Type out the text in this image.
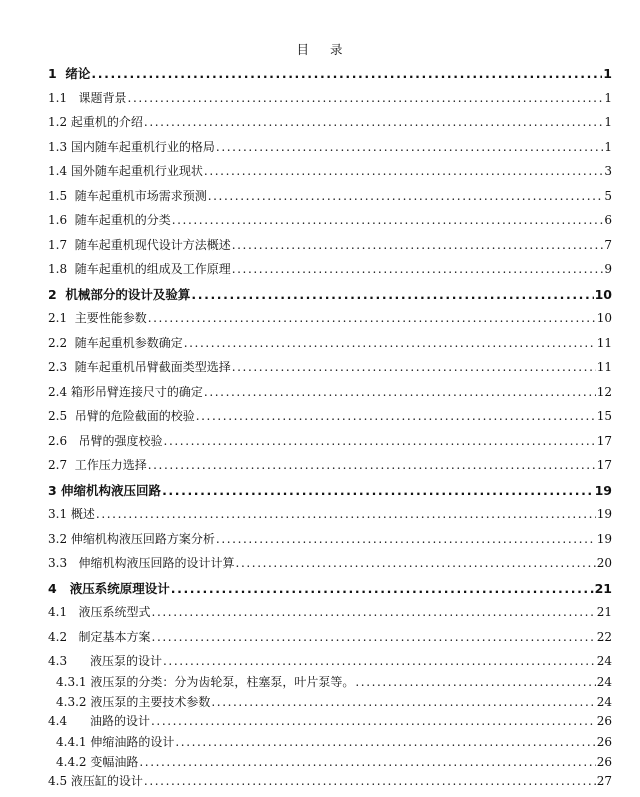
目    录
1  绪论 .....	1
1.1   课题背景 .....	1
1.2 起重机的介绍 .....	1
1.3 国内随车起重机行业的格局 .....	1
1.4 国外随车起重机行业现状 .....	3
1.5  随车起重机市场需求预测 .....	5
1.6  随车起重机的分类 .....	6
1.7  随车起重机现代设计方法概述 .....	7
1.8  随车起重机的组成及工作原理 .....	9
2  机械部分的设计及验算 .....	10
2.1  主要性能参数 .....	10
2.2  随车起重机参数确定 .....	11
2.3  随车起重机吊臂截面类型选择 .....	11
2.4 箱形吊臂连接尺寸的确定 .....	12
2.5  吊臂的危险截面的校验 .....	15
2.6   吊臂的强度校验 .....	17
2.7  工作压力选择 .....	17
3 伸缩机构液压回路 .....	19
3.1 概述 .....	19
3.2 伸缩机构液压回路方案分析 .....	19
3.3   伸缩机构液压回路的设计计算 .....	20
4   液压系统原理设计 .....	21
4.1   液压系统型式 .....	21
4.2   制定基本方案 .....	22
4.3      液压泵的设计 .....	24
4.3.1 液压泵的分类：分为齿轮泵，柱塞泵，叶片泵等。 .....	24
4.3.2 液压泵的主要技术参数 .....	24
4.4      油路的设计 .....	26
4.4.1 伸缩油路的设计 .....	26
4.4.2 变幅油路 .....	26
4.5 液压缸的设计 .....	27
